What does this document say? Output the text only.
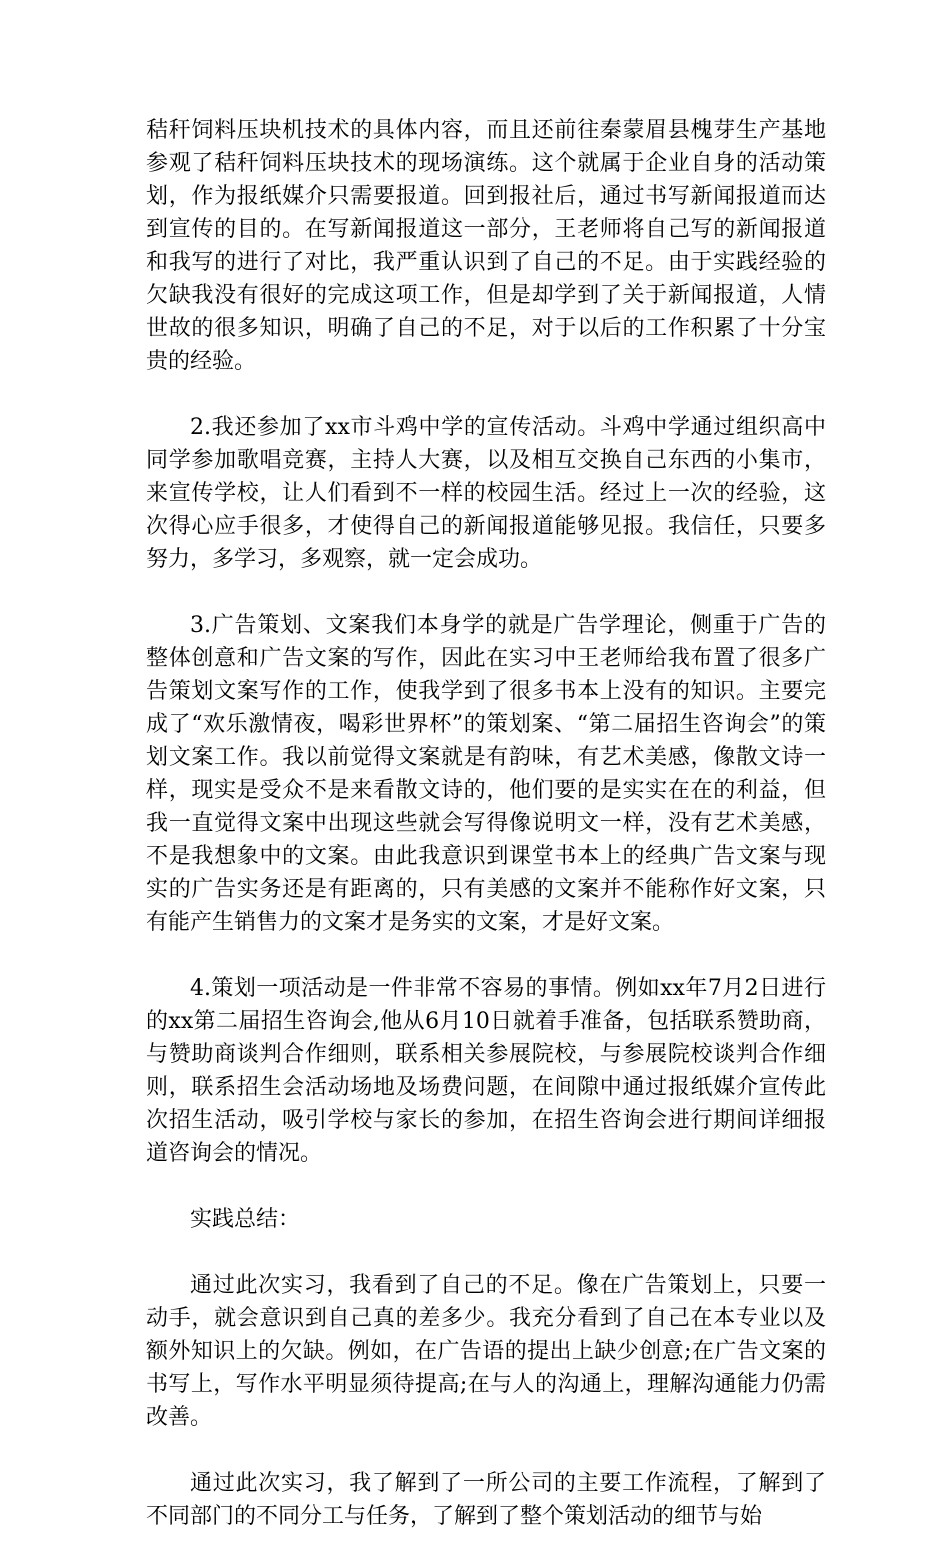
秸秆饲料压块机技术的具体内容，而且还前往秦蒙眉县槐芽生产基地参观了秸秆饲料压块技术的现场演练。这个就属于企业自身的活动策划，作为报纸媒介只需要报道。回到报社后，通过书写新闻报道而达到宣传的目的。在写新闻报道这一部分，王老师将自己写的新闻报道和我写的进行了对比，我严重认识到了自己的不足。由于实践经验的欠缺我没有很好的完成这项工作，但是却学到了关于新闻报道，人情世故的很多知识，明确了自己的不足，对于以后的工作积累了十分宝贵的经验。

2.我还参加了xx市斗鸡中学的宣传活动。斗鸡中学通过组织高中同学参加歌唱竞赛，主持人大赛，以及相互交换自己东西的小集市，来宣传学校，让人们看到不一样的校园生活。经过上一次的经验，这次得心应手很多，才使得自己的新闻报道能够见报。我信任，只要多努力，多学习，多观察，就一定会成功。

3.广告策划、文案我们本身学的就是广告学理论，侧重于广告的整体创意和广告文案的写作，因此在实习中王老师给我布置了很多广告策划文案写作的工作，使我学到了很多书本上没有的知识。主要完成了“欢乐激情夜，喝彩世界杯”的策划案、“第二届招生咨询会”的策划文案工作。我以前觉得文案就是有韵味，有艺术美感，像散文诗一样，现实是受众不是来看散文诗的，他们要的是实实在在的利益，但我一直觉得文案中出现这些就会写得像说明文一样，没有艺术美感，不是我想象中的文案。由此我意识到课堂书本上的经典广告文案与现实的广告实务还是有距离的，只有美感的文案并不能称作好文案，只有能产生销售力的文案才是务实的文案，才是好文案。

4.策划一项活动是一件非常不容易的事情。例如xx年7月2日进行的xx第二届招生咨询会,他从6月10日就着手准备，包括联系赞助商，与赞助商谈判合作细则，联系相关参展院校，与参展院校谈判合作细则，联系招生会活动场地及场费问题，在间隙中通过报纸媒介宣传此次招生活动，吸引学校与家长的参加，在招生咨询会进行期间详细报道咨询会的情况。

实践总结：

通过此次实习，我看到了自己的不足。像在广告策划上，只要一动手，就会意识到自己真的差多少。我充分看到了自己在本专业以及额外知识上的欠缺。例如，在广告语的提出上缺少创意;在广告文案的书写上，写作水平明显须待提高;在与人的沟通上，理解沟通能力仍需改善。

通过此次实习，我了解到了一所公司的主要工作流程，了解到了不同部门的不同分工与任务，了解到了整个策划活动的细节与始
